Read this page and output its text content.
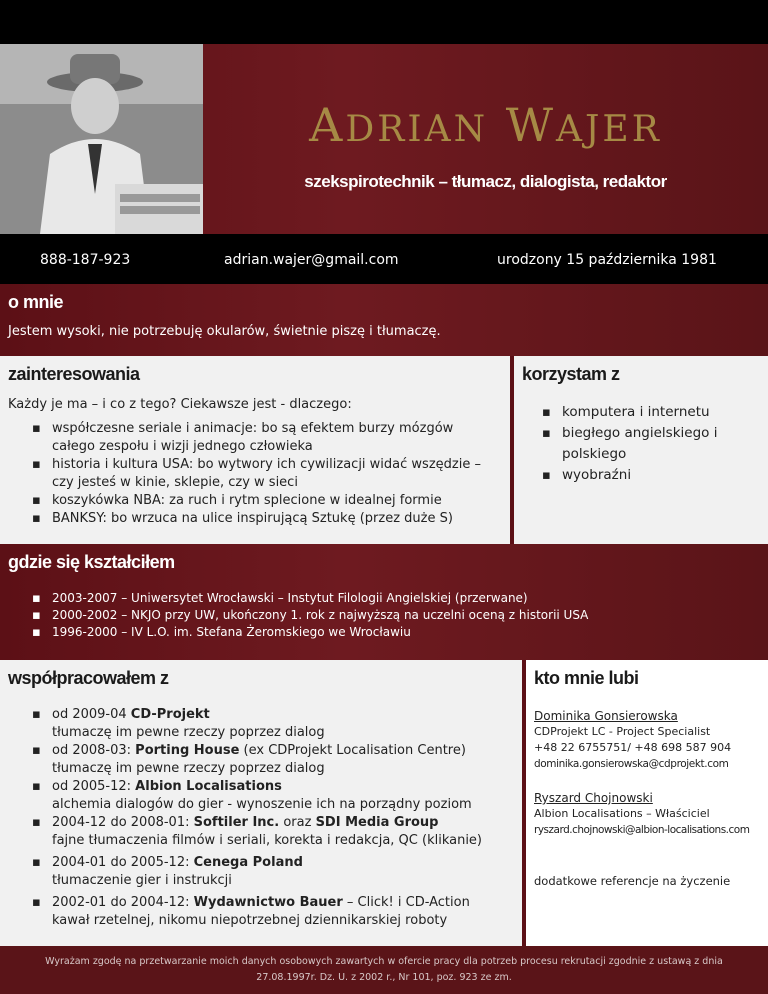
ADRIAN WAJER
szekspirotechnik – tłumacz, dialogista, redaktor
888-187-923	adrian.wajer@gmail.com	urodzony 15 października 1981
o mnie
Jestem wysoki, nie potrzebuję okularów, świetnie piszę i tłumaczę.
zainteresowania
Każdy je ma – i co z tego? Ciekawsze jest - dlaczego:
▪ współczesne seriale i animacje: bo są efektem burzy mózgów całego zespołu i wizji jednego człowieka
▪ historia i kultura USA: bo wytwory ich cywilizacji widać wszędzie – czy jesteś w kinie, sklepie, czy w sieci
▪ koszykówka NBA: za ruch i rytm splecione w idealnej formie
▪ BANKSY: bo wrzuca na ulice inspirującą Sztukę (przez duże S)
korzystam z
▪ komputera i internetu
▪ biegłego angielskiego i polskiego
▪ wyobraźni
gdzie się kształciłem
▪ 2003-2007 – Uniwersytet Wrocławski – Instytut Filologii Angielskiej (przerwane)
▪ 2000-2002 – NKJO przy UW, ukończony 1. rok z najwyższą na uczelni oceną z historii USA
▪ 1996-2000 – IV L.O. im. Stefana Żeromskiego we Wrocławiu
współpracowałem z
▪ od 2009-04 CD-Projekt
tłumaczę im pewne rzeczy poprzez dialog
▪ od 2008-03: Porting House (ex CDProjekt Localisation Centre)
tłumaczę im pewne rzeczy poprzez dialog
▪ od 2005-12: Albion Localisations
alchemia dialogów do gier - wynoszenie ich na porządny poziom
▪ 2004-12 do 2008-01: Softiler Inc. oraz SDI Media Group
fajne tłumaczenia filmów i seriali, korekta i redakcja, QC (klikanie)
▪ 2004-01 do 2005-12: Cenega Poland
tłumaczenie gier i instrukcji
▪ 2002-01 do 2004-12: Wydawnictwo Bauer – Click! i CD-Action
kawał rzetelnej, nikomu niepotrzebnej dziennikarskiej roboty
kto mnie lubi
Dominika Gonsierowska
CDProjekt LC - Project Specialist
+48 22 6755751/ +48 698 587 904
dominika.gonsierowska@cdprojekt.com
Ryszard Chojnowski
Albion Localisations – Właściciel
ryszard.chojnowski@albion-localisations.com
dodatkowe referencje na życzenie
Wyrażam zgodę na przetwarzanie moich danych osobowych zawartych w ofercie pracy dla potrzeb procesu rekrutacji zgodnie z ustawą z dnia
27.08.1997r. Dz. U. z 2002 r., Nr 101, poz. 923 ze zm.
